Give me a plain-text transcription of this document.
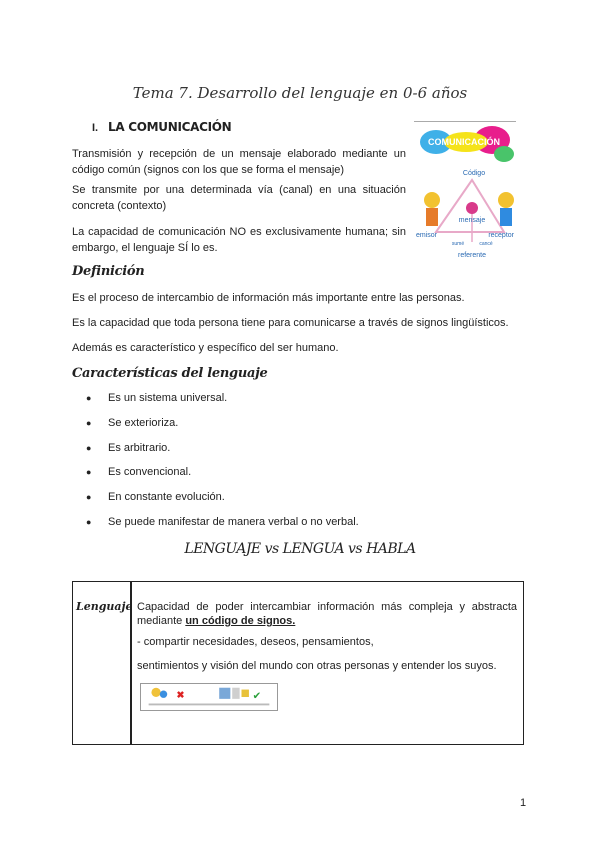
Tema 7. Desarrollo del lenguaje en 0-6 años
I. LA COMUNICACIÓN
Transmisión y recepción de un mensaje elaborado mediante un código común (signos con los que se forma el mensaje)
Se transmite por una determinada vía (canal) en una situación concreta (contexto)
La capacidad de comunicación NO es exclusivamente humana; sin embargo, el lenguaje SÍ lo es.
COMUNICACIÓN
Código
mensaje
emisor	receptor
sumé	cancé
referente
Definición
Es el proceso de intercambio de información más importante entre las personas.
Es la capacidad que toda persona tiene para comunicarse a través de signos lingüísticos.
Además es característico y específico del ser humano.
Características del lenguaje
● Es un sistema universal.
● Se exterioriza.
● Es arbitrario.
● Es convencional.
● En constante evolución.
● Se puede manifestar de manera verbal o no verbal.
LENGUAJE vs LENGUA vs HABLA
Lenguaje Capacidad de poder intercambiar información más compleja y abstracta mediante un código de signos.
- compartir necesidades, deseos, pensamientos,
sentimientos y visión del mundo con otras personas y entender los suyos.
✖	✔
1
